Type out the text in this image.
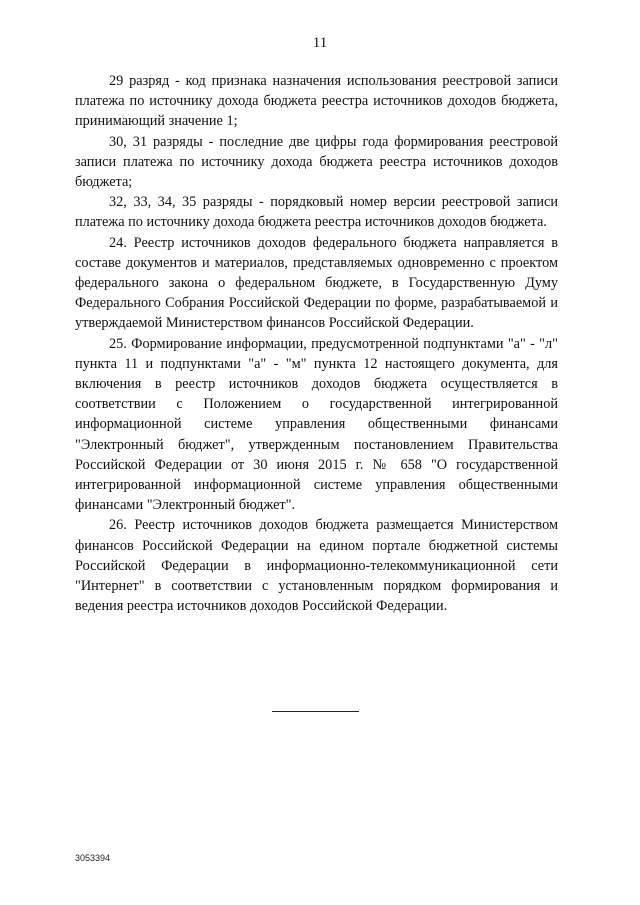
11

29 разряд - код признака назначения использования реестровой записи платежа по источнику дохода бюджета реестра источников доходов бюджета, принимающий значение 1;

30, 31 разряды - последние две цифры года формирования реестровой записи платежа по источнику дохода бюджета реестра источников доходов бюджета;

32, 33, 34, 35 разряды - порядковый номер версии реестровой записи платежа по источнику дохода бюджета реестра источников доходов бюджета.

24. Реестр источников доходов федерального бюджета направляется в составе документов и материалов, представляемых одновременно с проектом федерального закона о федеральном бюджете, в Государственную Думу Федерального Собрания Российской Федерации по форме, разрабатываемой и утверждаемой Министерством финансов Российской Федерации.

25. Формирование информации, предусмотренной подпунктами "а" - "л" пункта 11 и подпунктами "а" - "м" пункта 12 настоящего документа, для включения в реестр источников доходов бюджета осуществляется в соответствии с Положением о государственной интегрированной информационной системе управления общественными финансами "Электронный бюджет", утвержденным постановлением Правительства Российской Федерации от 30 июня 2015 г. № 658 "О государственной интегрированной информационной системе управления общественными финансами "Электронный бюджет".

26. Реестр источников доходов бюджета размещается Министерством финансов Российской Федерации на едином портале бюджетной системы Российской Федерации в информационно-телекоммуникационной сети "Интернет" в соответствии с установленным порядком формирования и ведения реестра источников доходов Российской Федерации.

3053394
